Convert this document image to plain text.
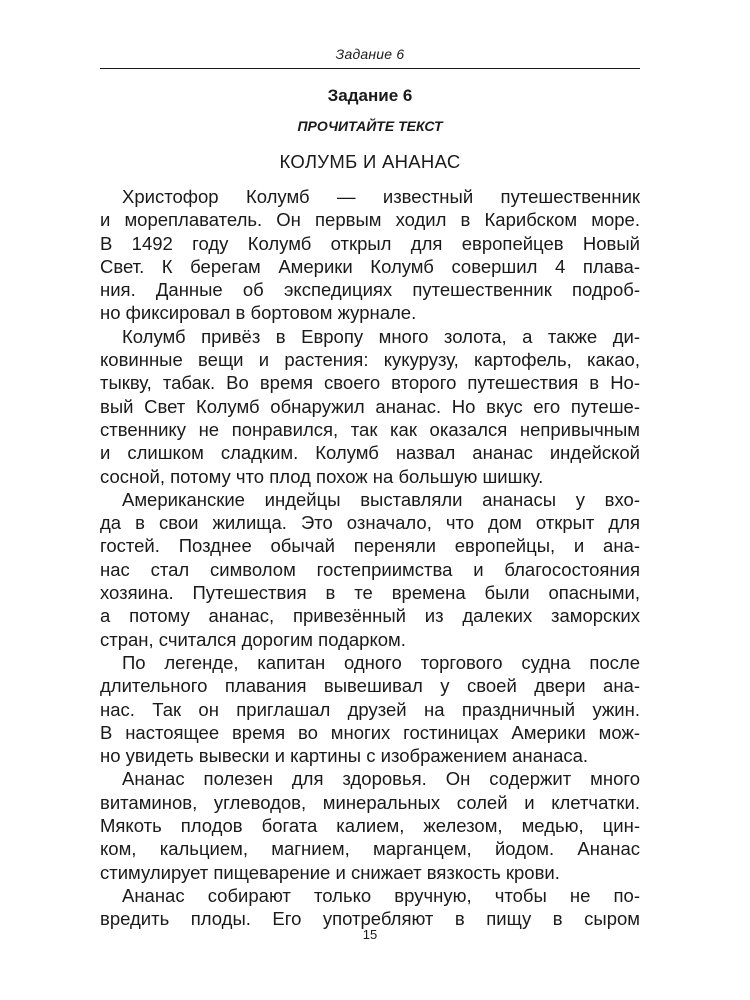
Задание 6
Задание 6
ПРОЧИТАЙТЕ ТЕКСТ
КОЛУМБ И АНАНАС
Христофор Колумб — известный путешественник
и мореплаватель. Он первым ходил в Карибском море.
В 1492 году Колумб открыл для европейцев Новый
Свет. К берегам Америки Колумб совершил 4 плава-
ния. Данные об экспедициях путешественник подроб-
но фиксировал в бортовом журнале.
Колумб привёз в Европу много золота, а также ди-
ковинные вещи и растения: кукурузу, картофель, какао,
тыкву, табак. Во время своего второго путешествия в Но-
вый Свет Колумб обнаружил ананас. Но вкус его путеше-
ственнику не понравился, так как оказался непривычным
и слишком сладким. Колумб назвал ананас индейской
сосной, потому что плод похож на большую шишку.
Американские индейцы выставляли ананасы у вхо-
да в свои жилища. Это означало, что дом открыт для
гостей. Позднее обычай переняли европейцы, и анa-
нас стал символом гостеприимства и благосостояния
хозяина. Путешествия в те времена были опасными,
а потому ананас, привезённый из далеких заморских
стран, считался дорогим подарком.
По легенде, капитан одного торгового судна после
длительного плавания вывешивал у своей двери ана-
нас. Так он приглашал друзей на праздничный ужин.
В настоящее время во многих гостиницах Америки мож-
но увидеть вывески и картины с изображением ананаса.
Ананас полезен для здоровья. Он содержит много
витаминов, углеводов, минеральных солей и клетчатки.
Мякоть плодов богата калием, железом, медью, цин-
ком, кальцием, магнием, марганцем, йодом. Ананас
стимулирует пищеварение и снижает вязкость крови.
Ананас собирают только вручную, чтобы не по-
вредить плоды. Его употребляют в пищу в сыром
15
